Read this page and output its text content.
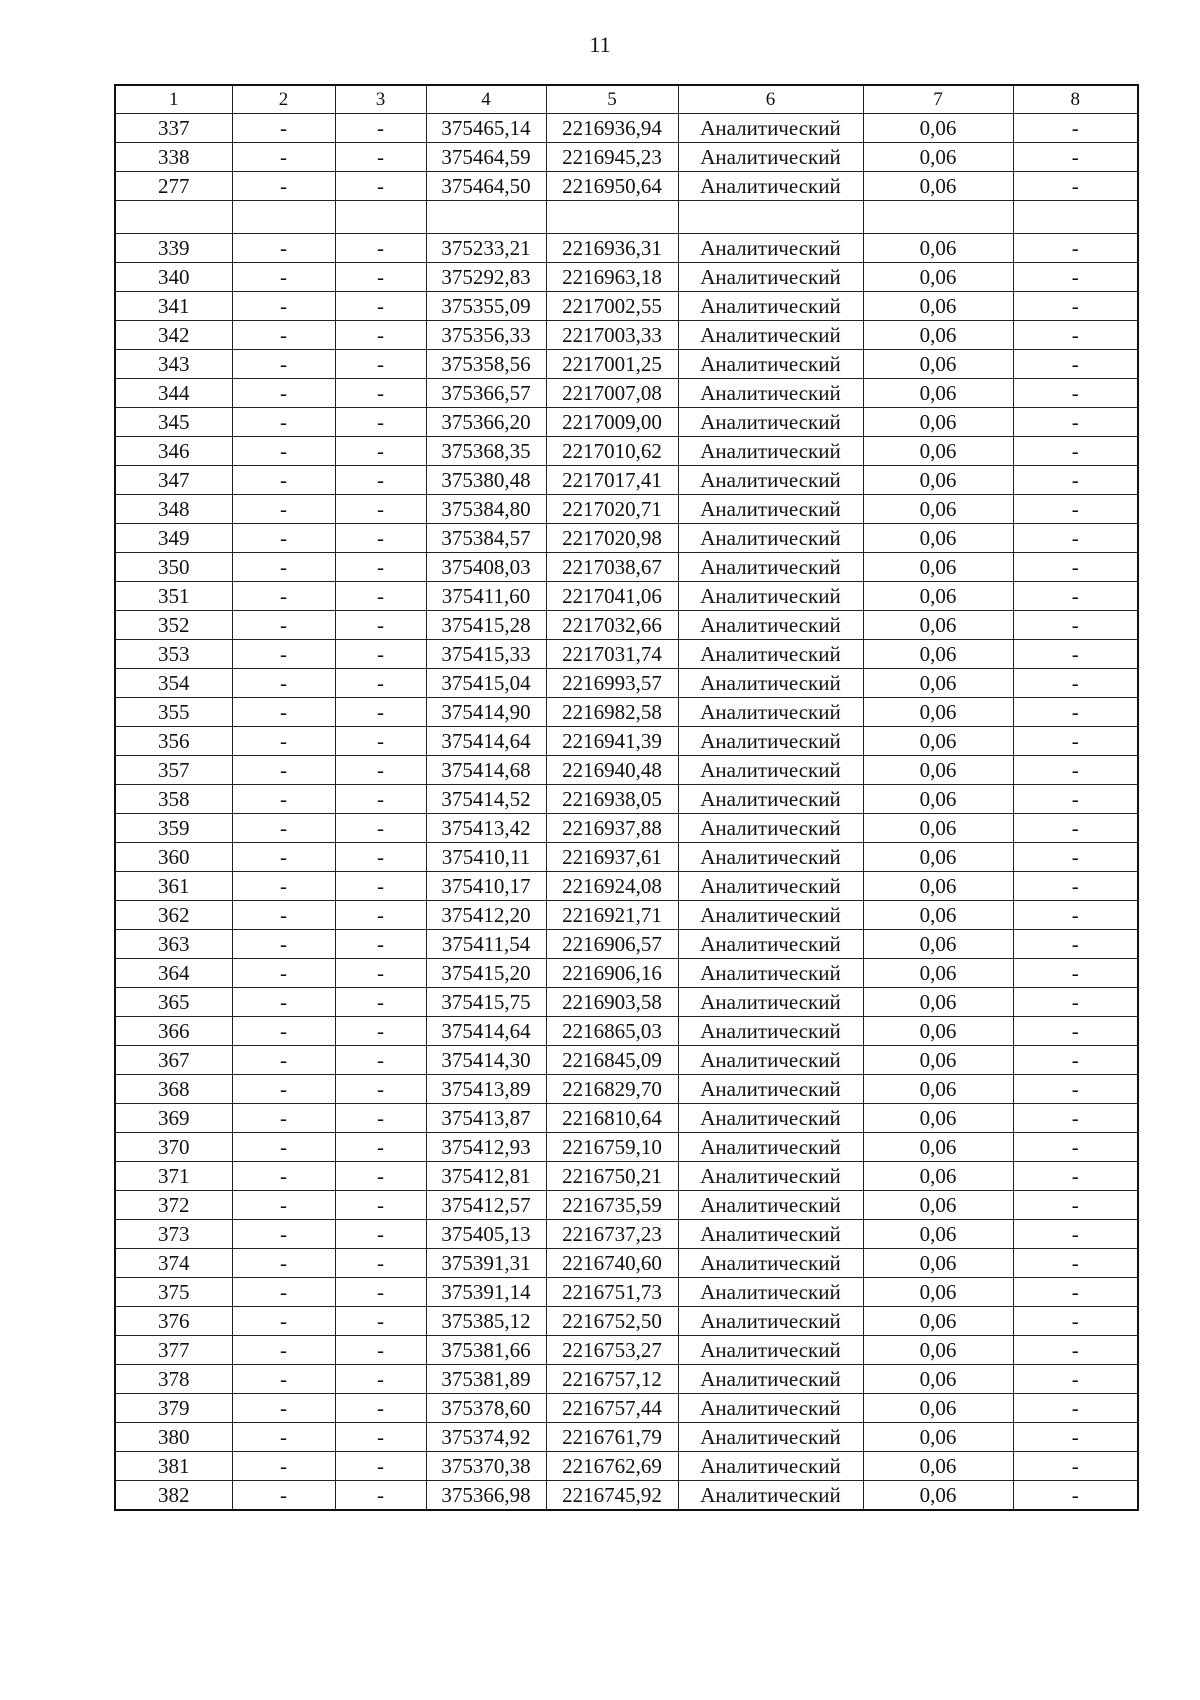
11
1	2	3	4	5	6	7	8
337	-	-	375465,14	2216936,94	Аналитический	0,06	-
338	-	-	375464,59	2216945,23	Аналитический	0,06	-
277	-	-	375464,50	2216950,64	Аналитический	0,06	-

339	-	-	375233,21	2216936,31	Аналитический	0,06	-
340	-	-	375292,83	2216963,18	Аналитический	0,06	-
341	-	-	375355,09	2217002,55	Аналитический	0,06	-
342	-	-	375356,33	2217003,33	Аналитический	0,06	-
343	-	-	375358,56	2217001,25	Аналитический	0,06	-
344	-	-	375366,57	2217007,08	Аналитический	0,06	-
345	-	-	375366,20	2217009,00	Аналитический	0,06	-
346	-	-	375368,35	2217010,62	Аналитический	0,06	-
347	-	-	375380,48	2217017,41	Аналитический	0,06	-
348	-	-	375384,80	2217020,71	Аналитический	0,06	-
349	-	-	375384,57	2217020,98	Аналитический	0,06	-
350	-	-	375408,03	2217038,67	Аналитический	0,06	-
351	-	-	375411,60	2217041,06	Аналитический	0,06	-
352	-	-	375415,28	2217032,66	Аналитический	0,06	-
353	-	-	375415,33	2217031,74	Аналитический	0,06	-
354	-	-	375415,04	2216993,57	Аналитический	0,06	-
355	-	-	375414,90	2216982,58	Аналитический	0,06	-
356	-	-	375414,64	2216941,39	Аналитический	0,06	-
357	-	-	375414,68	2216940,48	Аналитический	0,06	-
358	-	-	375414,52	2216938,05	Аналитический	0,06	-
359	-	-	375413,42	2216937,88	Аналитический	0,06	-
360	-	-	375410,11	2216937,61	Аналитический	0,06	-
361	-	-	375410,17	2216924,08	Аналитический	0,06	-
362	-	-	375412,20	2216921,71	Аналитический	0,06	-
363	-	-	375411,54	2216906,57	Аналитический	0,06	-
364	-	-	375415,20	2216906,16	Аналитический	0,06	-
365	-	-	375415,75	2216903,58	Аналитический	0,06	-
366	-	-	375414,64	2216865,03	Аналитический	0,06	-
367	-	-	375414,30	2216845,09	Аналитический	0,06	-
368	-	-	375413,89	2216829,70	Аналитический	0,06	-
369	-	-	375413,87	2216810,64	Аналитический	0,06	-
370	-	-	375412,93	2216759,10	Аналитический	0,06	-
371	-	-	375412,81	2216750,21	Аналитический	0,06	-
372	-	-	375412,57	2216735,59	Аналитический	0,06	-
373	-	-	375405,13	2216737,23	Аналитический	0,06	-
374	-	-	375391,31	2216740,60	Аналитический	0,06	-
375	-	-	375391,14	2216751,73	Аналитический	0,06	-
376	-	-	375385,12	2216752,50	Аналитический	0,06	-
377	-	-	375381,66	2216753,27	Аналитический	0,06	-
378	-	-	375381,89	2216757,12	Аналитический	0,06	-
379	-	-	375378,60	2216757,44	Аналитический	0,06	-
380	-	-	375374,92	2216761,79	Аналитический	0,06	-
381	-	-	375370,38	2216762,69	Аналитический	0,06	-
382	-	-	375366,98	2216745,92	Аналитический	0,06	-
